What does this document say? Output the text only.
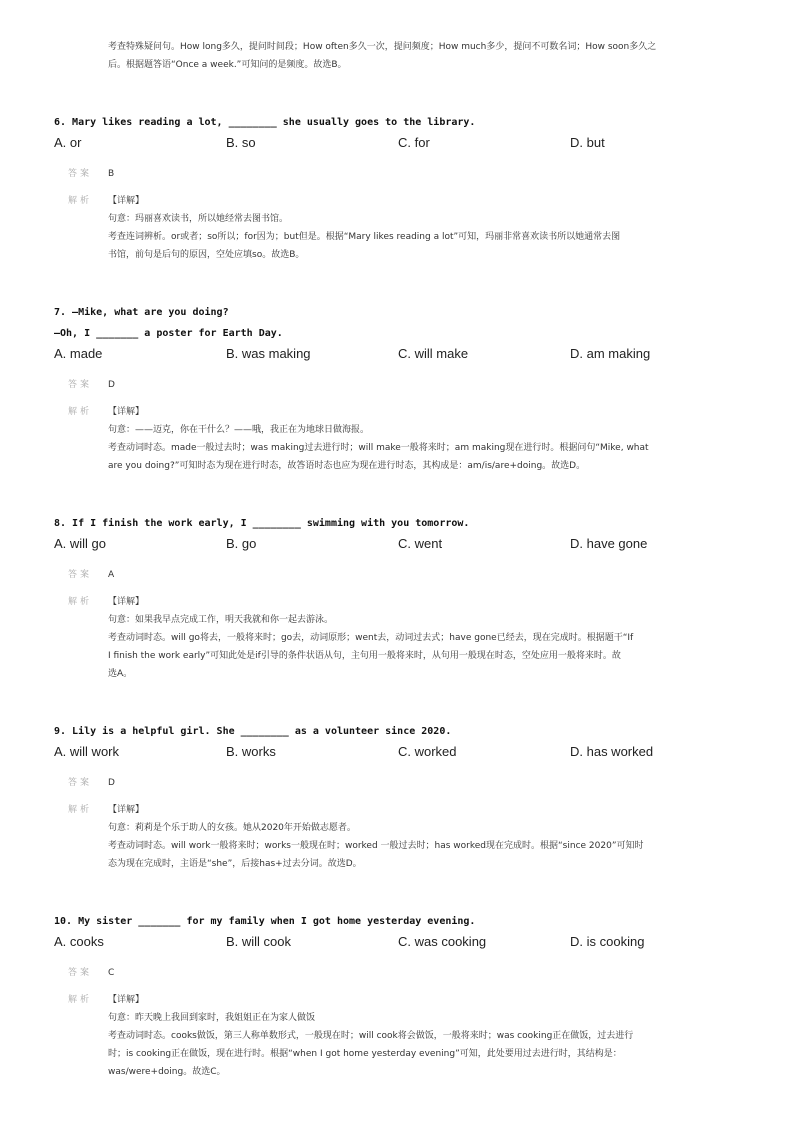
考查特殊疑问句。How long多久，提问时间段；How often多久一次，提问频度；How much多少，提问不可数名词；How soon多久之
后。根据题答语“Once a week.”可知问的是频度。故选B。
6. Mary likes reading a lot, ________ she usually goes to the library.
A. or	B. so	C. for	D. but
答案 B
解析 【详解】
句意：玛丽喜欢读书，所以她经常去图书馆。
考查连词辨析。or或者；so所以；for因为；but但是。根据“Mary likes reading a lot”可知，玛丽非常喜欢读书所以她通常去图
书馆，前句是后句的原因，空处应填so。故选B。
7. —Mike, what are you doing?
—Oh, I _______ a poster for Earth Day.
A. made	B. was making	C. will make	D. am making
答案 D
解析 【详解】
句意：——迈克，你在干什么？——哦，我正在为地球日做海报。
考查动词时态。made一般过去时；was making过去进行时；will make一般将来时；am making现在进行时。根据问句“Mike, what
are you doing?”可知时态为现在进行时态，故答语时态也应为现在进行时态，其构成是：am/is/are+doing。故选D。
8. If I finish the work early, I ________ swimming with you tomorrow.
A. will go	B. go	C. went	D. have gone
答案 A
解析 【详解】
句意：如果我早点完成工作，明天我就和你一起去游泳。
考查动词时态。will go将去，一般将来时；go去，动词原形；went去，动词过去式；have gone已经去，现在完成时。根据题干“If
I finish the work early”可知此处是if引导的条件状语从句，主句用一般将来时，从句用一般现在时态，空处应用一般将来时。故
选A。
9. Lily is a helpful girl. She ________ as a volunteer since 2020.
A. will work	B. works	C. worked	D. has worked
答案 D
解析 【详解】
句意：莉莉是个乐于助人的女孩。她从2020年开始做志愿者。
考查动词时态。will work一般将来时；works一般现在时；worked 一般过去时；has worked现在完成时。根据“since 2020”可知时
态为现在完成时，主语是“she”，后接has+过去分词。故选D。
10. My sister _______ for my family when I got home yesterday evening.
A. cooks	B. will cook	C. was cooking	D. is cooking
答案 C
解析 【详解】
句意：昨天晚上我回到家时，我姐姐正在为家人做饭
考查动词时态。cooks做饭，第三人称单数形式，一般现在时；will cook将会做饭，一般将来时；was cooking正在做饭，过去进行
时；is cooking正在做饭，现在进行时。根据“when I got home yesterday evening”可知，此处要用过去进行时，其结构是：
was/were+doing。故选C。
